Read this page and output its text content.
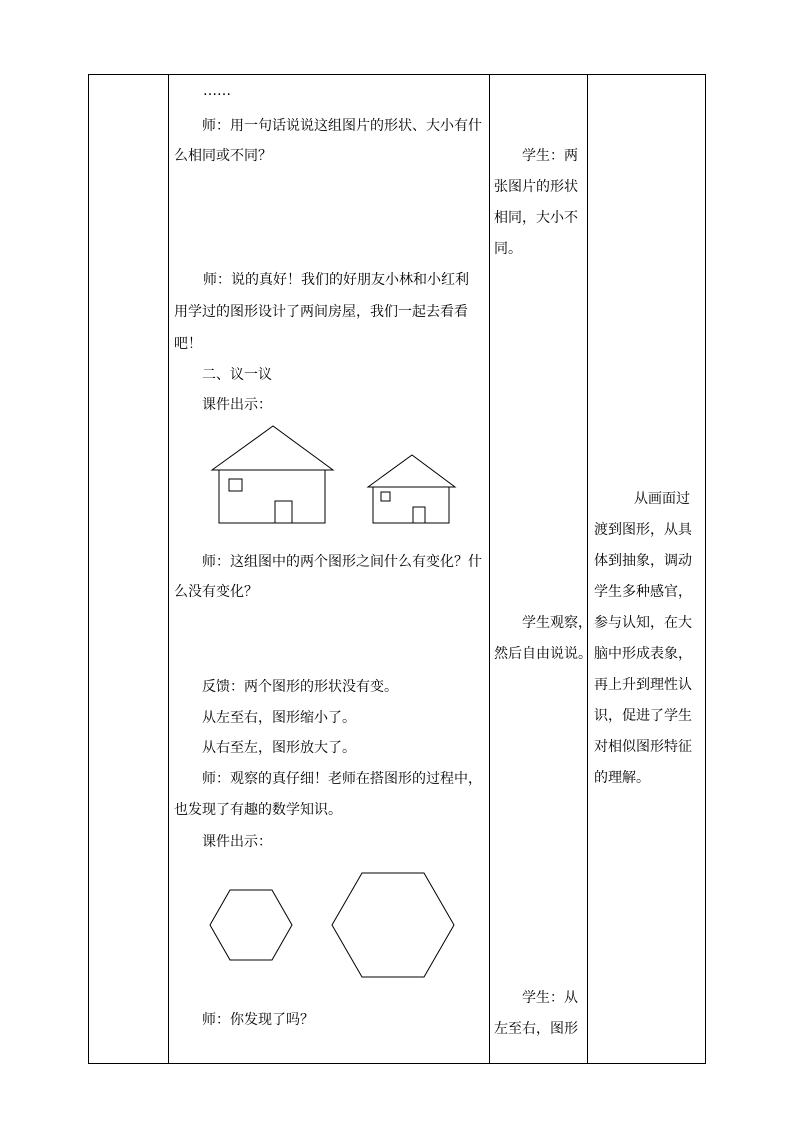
……
师：用一句话说说这组图片的形状、大小有什
么相同或不同？
师：说的真好！我们的好朋友小林和小红利
用学过的图形设计了两间房屋，我们一起去看看
吧！
二、议一议
课件出示：
师：这组图中的两个图形之间什么有变化？什
么没有变化？
反馈：两个图形的形状没有变。
从左至右，图形缩小了。
从右至左，图形放大了。
师：观察的真仔细！老师在搭图形的过程中，
也发现了有趣的数学知识。
课件出示：
师：你发现了吗？
学生：两
张图片的形状
相同，大小不
同。
学生观察，
然后自由说说。
学生：从
左至右，图形
从画面过
渡到图形，从具
体到抽象，调动
学生多种感官，
参与认知，在大
脑中形成表象，
再上升到理性认
识，促进了学生
对相似图形特征
的理解。
